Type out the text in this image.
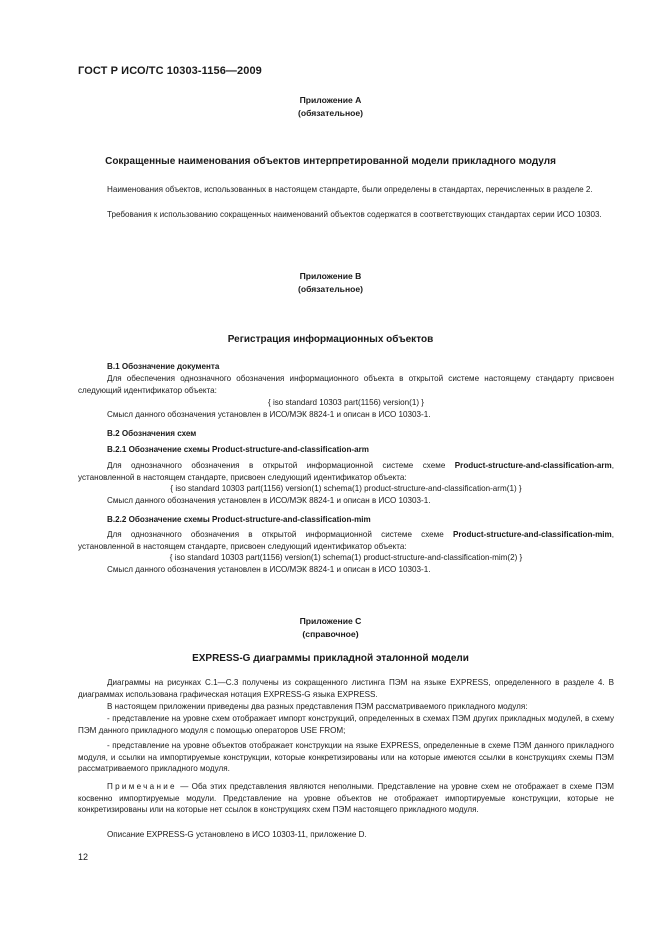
ГОСТ Р ИСО/ТС 10303-1156—2009
Приложение А
(обязательное)
Сокращенные наименования объектов интерпретированной модели прикладного модуля
Наименования объектов, использованных в настоящем стандарте, были определены в стандартах, перечисленных в разделе 2.
Требования к использованию сокращенных наименований объектов содержатся в соответствующих стандартах серии ИСО 10303.
Приложение В
(обязательное)
Регистрация информационных объектов
В.1 Обозначение документа
Для обеспечения однозначного обозначения информационного объекта в открытой системе настоящему стандарту присвоен следующий идентификатор объекта:
{ iso standard 10303 part(1156) version(1) }
Смысл данного обозначения установлен в ИСО/МЭК 8824-1 и описан в ИСО 10303-1.
В.2 Обозначения схем
В.2.1 Обозначение схемы Product-structure-and-classification-arm
Для однозначного обозначения в открытой информационной системе схеме Product-structure-and-classification-arm, установленной в настоящем стандарте, присвоен следующий идентификатор объекта:
{ iso standard 10303 part(1156) version(1) schema(1) product-structure-and-classification-arm(1) }
Смысл данного обозначения установлен в ИСО/МЭК 8824-1 и описан в ИСО 10303-1.
В.2.2 Обозначение схемы Product-structure-and-classification-mim
Для однозначного обозначения в открытой информационной системе схеме Product-structure-and-classification-mim, установленной в настоящем стандарте, присвоен следующий идентификатор объекта:
{ iso standard 10303 part(1156) version(1) schema(1) product-structure-and-classification-mim(2) }
Смысл данного обозначения установлен в ИСО/МЭК 8824-1 и описан в ИСО 10303-1.
Приложение С
(справочное)
EXPRESS-G диаграммы прикладной эталонной модели
Диаграммы на рисунках С.1—С.3 получены из сокращенного листинга ПЭМ на языке EXPRESS, определенного в разделе 4. В диаграммах использована графическая нотация EXPRESS-G языка EXPRESS.
В настоящем приложении приведены два разных представления ПЭМ рассматриваемого прикладного модуля:
- представление на уровне схем отображает импорт конструкций, определенных в схемах ПЭМ других прикладных модулей, в схему ПЭМ данного прикладного модуля с помощью операторов USE FROM;
- представление на уровне объектов отображает конструкции на языке EXPRESS, определенные в схеме ПЭМ данного прикладного модуля, и ссылки на импортируемые конструкции, которые конкретизированы или на которые имеются ссылки в конструкциях схемы ПЭМ рассматриваемого прикладного модуля.
Примечание — Оба этих представления являются неполными. Представление на уровне схем не отображает в схеме ПЭМ косвенно импортируемые модули. Представление на уровне объектов не отображает импортируемые конструкции, которые не конкретизированы или на которые нет ссылок в конструкциях схем ПЭМ настоящего прикладного модуля.
Описание EXPRESS-G установлено в ИСО 10303-11, приложение D.
12
